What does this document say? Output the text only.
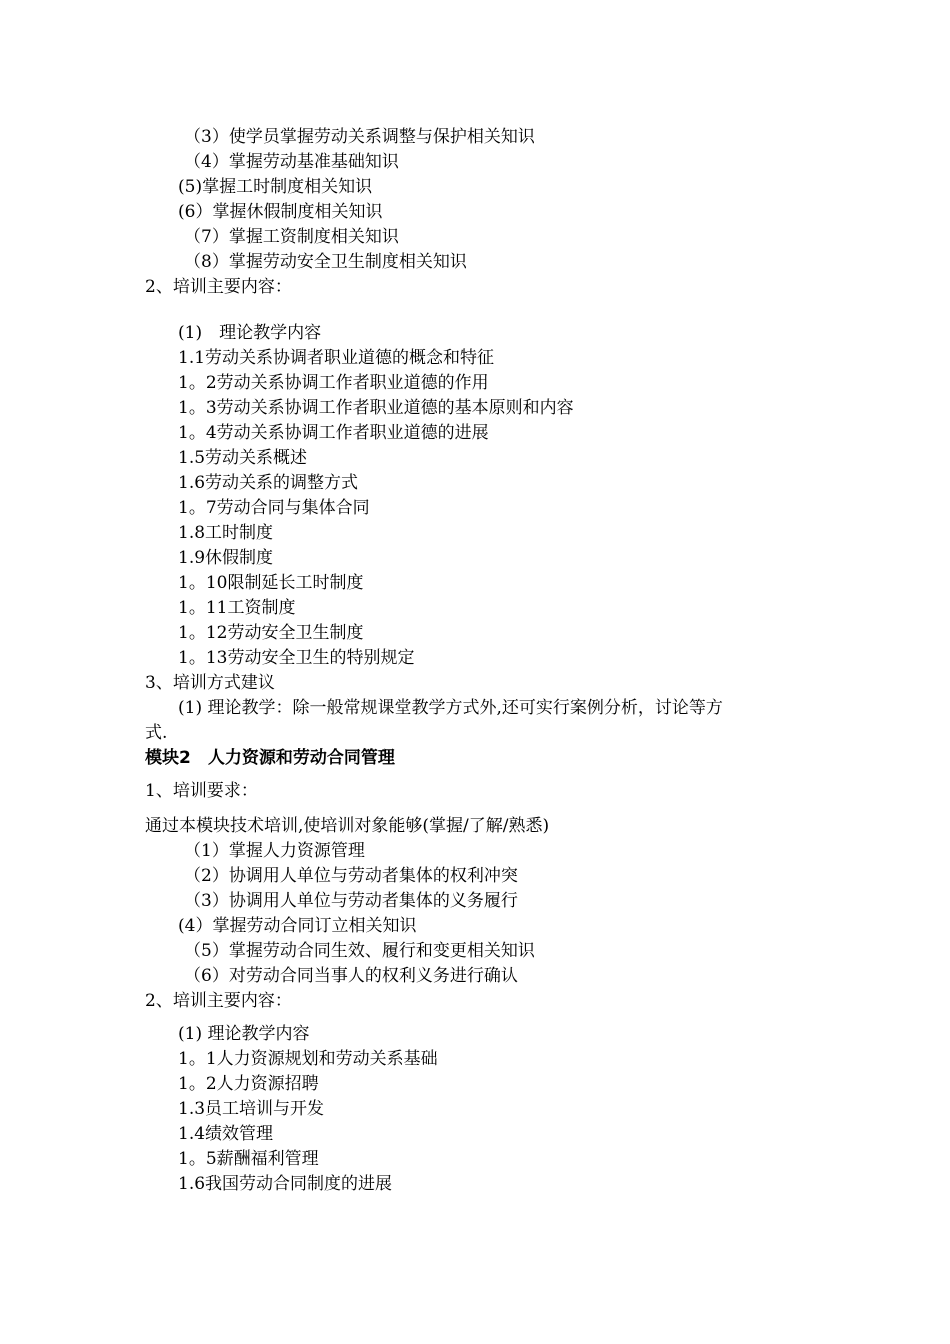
（3）使学员掌握劳动关系调整与保护相关知识
（4）掌握劳动基准基础知识
(5)掌握工时制度相关知识
(6）掌握休假制度相关知识
（7）掌握工资制度相关知识
（8）掌握劳动安全卫生制度相关知识
2、培训主要内容：
(1)　理论教学内容
1.1劳动关系协调者职业道德的概念和特征
1。2劳动关系协调工作者职业道德的作用
1。3劳动关系协调工作者职业道德的基本原则和内容
1。4劳动关系协调工作者职业道德的进展
1.5劳动关系概述
1.6劳动关系的调整方式
1。7劳动合同与集体合同
1.8工时制度
1.9休假制度
1。10限制延长工时制度
1。11工资制度
1。12劳动安全卫生制度
1。13劳动安全卫生的特别规定
3、培训方式建议
(1) 理论教学：除一般常规课堂教学方式外,还可实行案例分析，讨论等方
式.
模块2　人力资源和劳动合同管理
1、培训要求：
通过本模块技术培训,使培训对象能够(掌握/了解/熟悉)
（1）掌握人力资源管理
（2）协调用人单位与劳动者集体的权利冲突
（3）协调用人单位与劳动者集体的义务履行
(4）掌握劳动合同订立相关知识
（5）掌握劳动合同生效、履行和变更相关知识
（6）对劳动合同当事人的权利义务进行确认
2、培训主要内容：
(1) 理论教学内容
1。1人力资源规划和劳动关系基础
1。2人力资源招聘
1.3员工培训与开发
1.4绩效管理
1。5薪酬福利管理
1.6我国劳动合同制度的进展
